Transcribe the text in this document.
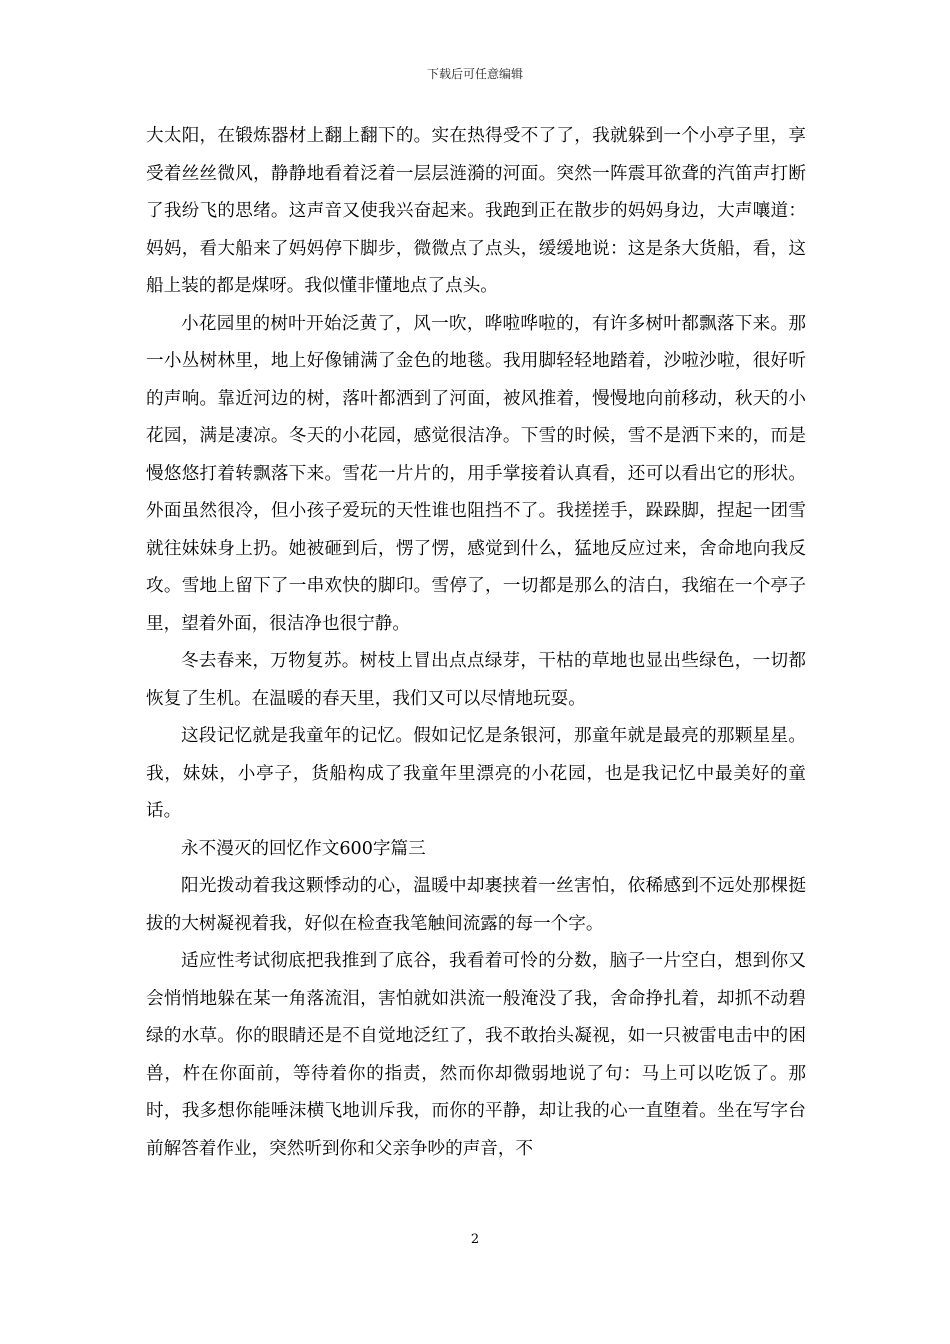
下载后可任意编辑

大太阳，在锻炼器材上翻上翻下的。实在热得受不了了，我就躲到一个小亭子里，享受着丝丝微风，静静地看着泛着一层层涟漪的河面。突然一阵震耳欲聋的汽笛声打断了我纷飞的思绪。这声音又使我兴奋起来。我跑到正在散步的妈妈身边，大声嚷道：妈妈，看大船来了妈妈停下脚步，微微点了点头，缓缓地说：这是条大货船，看，这船上装的都是煤呀。我似懂非懂地点了点头。

小花园里的树叶开始泛黄了，风一吹，哗啦哗啦的，有许多树叶都飘落下来。那一小丛树林里，地上好像铺满了金色的地毯。我用脚轻轻地踏着，沙啦沙啦，很好听的声响。靠近河边的树，落叶都洒到了河面，被风推着，慢慢地向前移动，秋天的小花园，满是凄凉。冬天的小花园，感觉很洁净。下雪的时候，雪不是洒下来的，而是慢悠悠打着转飘落下来。雪花一片片的，用手掌接着认真看，还可以看出它的形状。外面虽然很冷，但小孩子爱玩的天性谁也阻挡不了。我搓搓手，跺跺脚，捏起一团雪就往妹妹身上扔。她被砸到后，愣了愣，感觉到什么，猛地反应过来，舍命地向我反攻。雪地上留下了一串欢快的脚印。雪停了，一切都是那么的洁白，我缩在一个亭子里，望着外面，很洁净也很宁静。

冬去春来，万物复苏。树枝上冒出点点绿芽，干枯的草地也显出些绿色，一切都恢复了生机。在温暖的春天里，我们又可以尽情地玩耍。

这段记忆就是我童年的记忆。假如记忆是条银河，那童年就是最亮的那颗星星。我，妹妹，小亭子，货船构成了我童年里漂亮的小花园，也是我记忆中最美好的童话。

永不漫灭的回忆作文600字篇三

阳光拨动着我这颗悸动的心，温暖中却裹挟着一丝害怕，依稀感到不远处那棵挺拔的大树凝视着我，好似在检查我笔触间流露的每一个字。

适应性考试彻底把我推到了底谷，我看着可怜的分数，脑子一片空白，想到你又会悄悄地躲在某一角落流泪，害怕就如洪流一般淹没了我，舍命挣扎着，却抓不动碧绿的水草。你的眼睛还是不自觉地泛红了，我不敢抬头凝视，如一只被雷电击中的困兽，杵在你面前，等待着你的指责，然而你却微弱地说了句：马上可以吃饭了。那时，我多想你能唾沫横飞地训斥我，而你的平静，却让我的心一直堕着。坐在写字台前解答着作业，突然听到你和父亲争吵的声音，不

2
